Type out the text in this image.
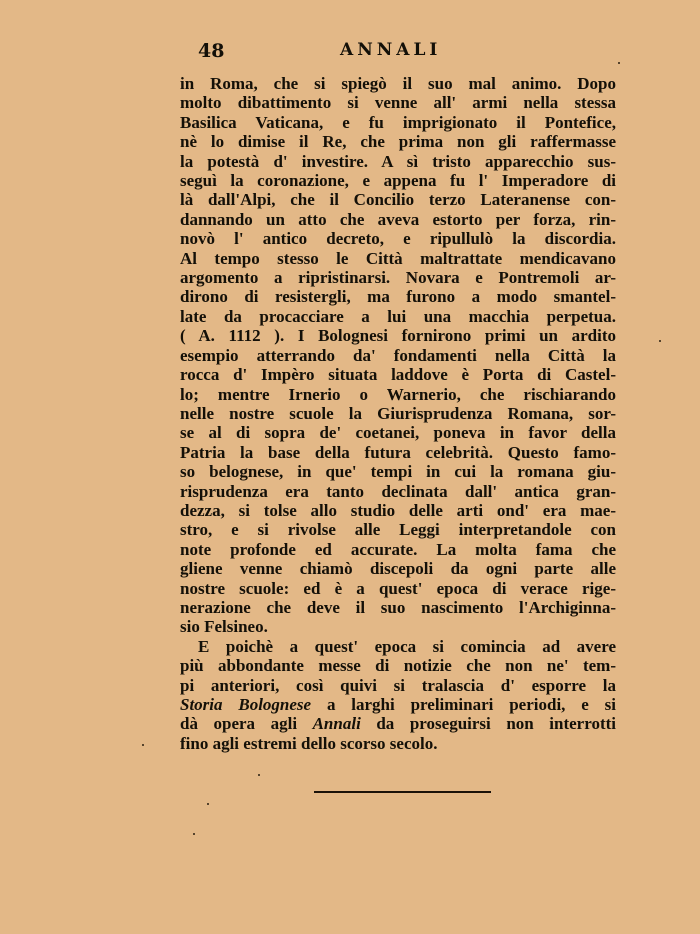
48	ANNALI
in Roma, che si spiegò il suo mal animo. Dopo
molto dibattimento si venne all' armi nella stessa
Basilica Vaticana, e fu imprigionato il Pontefice,
nè lo dimise il Re, che prima non gli raffermasse
la potestà d' investire. A sì tristo apparecchio sus-
seguì la coronazione, e appena fu l' Imperadore di
là dall'Alpi, che il Concilio terzo Lateranense con-
dannando un atto che aveva estorto per forza, rin-
novò l' antico decreto, e ripullulò la discordia.
Al tempo stesso le Città maltrattate mendicavano
argomento a ripristinarsi. Novara e Pontremoli ar-
dirono di resistergli, ma furono a modo smantel-
late da procacciare a lui una macchia perpetua.
( A. 1112 ). I Bolognesi fornirono primi un ardito
esempio atterrando da' fondamenti nella Città la
rocca d' Impèro situata laddove è Porta di Castel-
lo; mentre Irnerio o Warnerio, che rischiarando
nelle nostre scuole la Giurisprudenza Romana, sor-
se al di sopra de' coetanei, poneva in favor della
Patria la base della futura celebrità. Questo famo-
so belognese, in que' tempi in cui la romana giu-
risprudenza era tanto declinata dall' antica gran-
dezza, si tolse allo studio delle arti ond' era mae-
stro, e si rivolse alle Leggi interpretandole con
note profonde ed accurate. La molta fama che
gliene venne chiamò discepoli da ogni parte alle
nostre scuole: ed è a quest' epoca di verace rige-
nerazione che deve il suo nascimento l'Archiginna-
sio Felsineo.
E poichè a quest' epoca si comincia ad avere
più abbondante messe di notizie che non ne' tem-
pi anteriori, così quivi si tralascia d' esporre la
Storia Bolognese a larghi preliminari periodi, e si
dà opera agli Annali da proseguirsi non interrotti
fino agli estremi dello scorso secolo.
